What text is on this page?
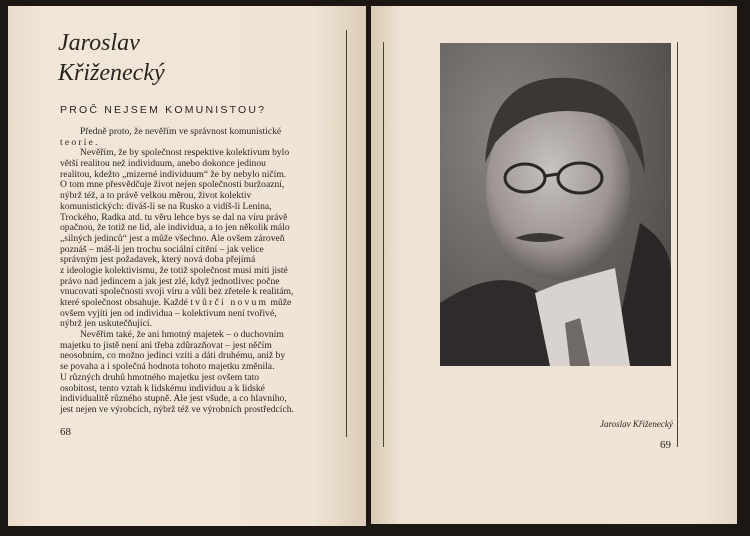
Jaroslav
Křiženecký
PROČ NEJSEM KOMUNISTOU?
Předně proto, že nevěřím ve správnost komunistické
teorie.
Nevěřím, že by společnost respektive kolektivum bylo
větší realitou než individuum, anebo dokonce jedinou
realitou, kdežto „mizerné individuum“ že by nebylo ničím.
O tom mne přesvědčuje život nejen společnosti buržoazní,
nýbrž též, a to právě velkou měrou, život kolektiv
komunistických: díváš-li se na Rusko a vidíš-li Lenina,
Trockého, Radka atd. tu věru lehce bys se dal na víru právě
opačnou, že totiž ne lid, ale individua, a to jen několik málo
„silných jedinců“ jest a může všechno. Ale ovšem zároveň
poznáš – máš-li jen trochu sociální cítění – jak velice
správným jest požadavek, který nová doba přejímá
z ideologie kolektivismu, že totiž společnost musí míti jisté
právo nad jedincem a jak jest zlé, když jednotlivec počne
vnucovati společnosti svoji víru a vůli bez zřetele k realitám,
které společnost obsahuje. Každé tvůrčí novum může
ovšem vyjíti jen od individua – kolektivum není tvořivé,
nýbrž jen uskutečňující.
Nevěřím také, že ani hmotný majetek – o duchovním
majetku to jistě není ani třeba zdůrazňovat – jest něčím
neosobním, co možno jedinci vzíti a dáti druhému, aniž by
se povaha a i společná hodnota tohoto majetku změnila.
U různých druhů hmotného majetku jest ovšem tato
osobitost, tento vztah k lidskému individuu a k lidské
individualitě různého stupně. Ale jest všude, a co hlavního,
jest nejen ve výrobcích, nýbrž též ve výrobních prostředcích.
68
Jaroslav Křiženecký
69
